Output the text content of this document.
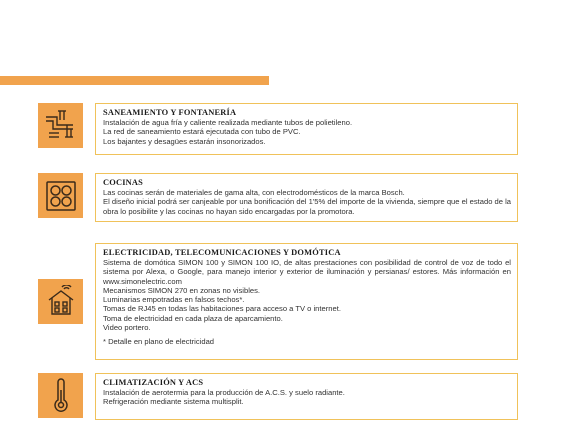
SANEAMIENTO Y FONTANERÍA

Instalación de agua fría y caliente realizada mediante tubos de polietileno.

La red de saneamiento estará ejecutada con tubo de PVC.

Los bajantes y desagües estarán insonorizados.

COCINAS

Las cocinas serán de materiales de gama alta, con electrodomésticos de la marca Bosch.

El diseño inicial podrá ser canjeable por una bonificación del 1'5% del importe de la vivienda, siempre que el estado de la obra lo posibilite y las cocinas no hayan sido encargadas por la promotora.

ELECTRICIDAD, TELECOMUNICACIONES Y DOMÓTICA

Sistema de domótica SIMON 100 y SIMON 100 IO, de altas prestaciones con posibilidad de control de voz de todo el sistema por Alexa, o Google, para manejo interior y exterior de iluminación y persianas/ estores. Más información en www.simonelectric.com

Mecanismos SIMON 270 en zonas no visibles.

Luminarias empotradas en falsos techos*.

Tomas de RJ45 en todas las habitaciones para acceso a TV o internet.

Toma de electricidad en cada plaza de aparcamiento.

Video portero.

* Detalle en plano de electricidad

CLIMATIZACIÓN Y ACS

Instalación de aerotermia para la producción de A.C.S. y suelo radiante.

Refrigeración mediante sistema multisplit.
